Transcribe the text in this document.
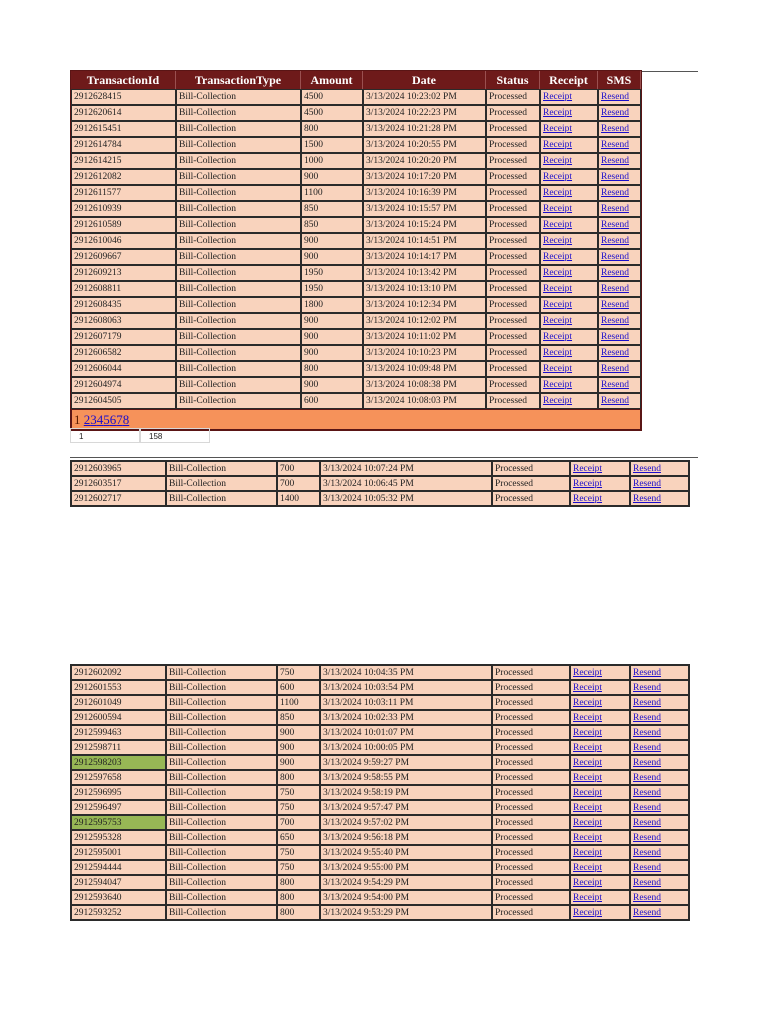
TransactionId	TransactionType	Amount	Date	Status	Receipt	SMS
2912628415	Bill-Collection	4500	3/13/2024 10:23:02 PM	Processed	Receipt	Resend
2912620614	Bill-Collection	4500	3/13/2024 10:22:23 PM	Processed	Receipt	Resend
2912615451	Bill-Collection	800	3/13/2024 10:21:28 PM	Processed	Receipt	Resend
2912614784	Bill-Collection	1500	3/13/2024 10:20:55 PM	Processed	Receipt	Resend
2912614215	Bill-Collection	1000	3/13/2024 10:20:20 PM	Processed	Receipt	Resend
2912612082	Bill-Collection	900	3/13/2024 10:17:20 PM	Processed	Receipt	Resend
2912611577	Bill-Collection	1100	3/13/2024 10:16:39 PM	Processed	Receipt	Resend
2912610939	Bill-Collection	850	3/13/2024 10:15:57 PM	Processed	Receipt	Resend
2912610589	Bill-Collection	850	3/13/2024 10:15:24 PM	Processed	Receipt	Resend
2912610046	Bill-Collection	900	3/13/2024 10:14:51 PM	Processed	Receipt	Resend
2912609667	Bill-Collection	900	3/13/2024 10:14:17 PM	Processed	Receipt	Resend
2912609213	Bill-Collection	1950	3/13/2024 10:13:42 PM	Processed	Receipt	Resend
2912608811	Bill-Collection	1950	3/13/2024 10:13:10 PM	Processed	Receipt	Resend
2912608435	Bill-Collection	1800	3/13/2024 10:12:34 PM	Processed	Receipt	Resend
2912608063	Bill-Collection	900	3/13/2024 10:12:02 PM	Processed	Receipt	Resend
2912607179	Bill-Collection	900	3/13/2024 10:11:02 PM	Processed	Receipt	Resend
2912606582	Bill-Collection	900	3/13/2024 10:10:23 PM	Processed	Receipt	Resend
2912606044	Bill-Collection	800	3/13/2024 10:09:48 PM	Processed	Receipt	Resend
2912604974	Bill-Collection	900	3/13/2024 10:08:38 PM	Processed	Receipt	Resend
2912604505	Bill-Collection	600	3/13/2024 10:08:03 PM	Processed	Receipt	Resend
1 2345678						
1	158
2912603965	Bill-Collection	700	3/13/2024 10:07:24 PM	Processed	Receipt	Resend
2912603517	Bill-Collection	700	3/13/2024 10:06:45 PM	Processed	Receipt	Resend
2912602717	Bill-Collection	1400	3/13/2024 10:05:32 PM	Processed	Receipt	Resend
2912602092	Bill-Collection	750	3/13/2024 10:04:35 PM	Processed	Receipt	Resend
2912601553	Bill-Collection	600	3/13/2024 10:03:54 PM	Processed	Receipt	Resend
2912601049	Bill-Collection	1100	3/13/2024 10:03:11 PM	Processed	Receipt	Resend
2912600594	Bill-Collection	850	3/13/2024 10:02:33 PM	Processed	Receipt	Resend
2912599463	Bill-Collection	900	3/13/2024 10:01:07 PM	Processed	Receipt	Resend
2912598711	Bill-Collection	900	3/13/2024 10:00:05 PM	Processed	Receipt	Resend
2912598203	Bill-Collection	900	3/13/2024 9:59:27 PM	Processed	Receipt	Resend
2912597658	Bill-Collection	800	3/13/2024 9:58:55 PM	Processed	Receipt	Resend
2912596995	Bill-Collection	750	3/13/2024 9:58:19 PM	Processed	Receipt	Resend
2912596497	Bill-Collection	750	3/13/2024 9:57:47 PM	Processed	Receipt	Resend
2912595753	Bill-Collection	700	3/13/2024 9:57:02 PM	Processed	Receipt	Resend
2912595328	Bill-Collection	650	3/13/2024 9:56:18 PM	Processed	Receipt	Resend
2912595001	Bill-Collection	750	3/13/2024 9:55:40 PM	Processed	Receipt	Resend
2912594444	Bill-Collection	750	3/13/2024 9:55:00 PM	Processed	Receipt	Resend
2912594047	Bill-Collection	800	3/13/2024 9:54:29 PM	Processed	Receipt	Resend
2912593640	Bill-Collection	800	3/13/2024 9:54:00 PM	Processed	Receipt	Resend
2912593252	Bill-Collection	800	3/13/2024 9:53:29 PM	Processed	Receipt	Resend
